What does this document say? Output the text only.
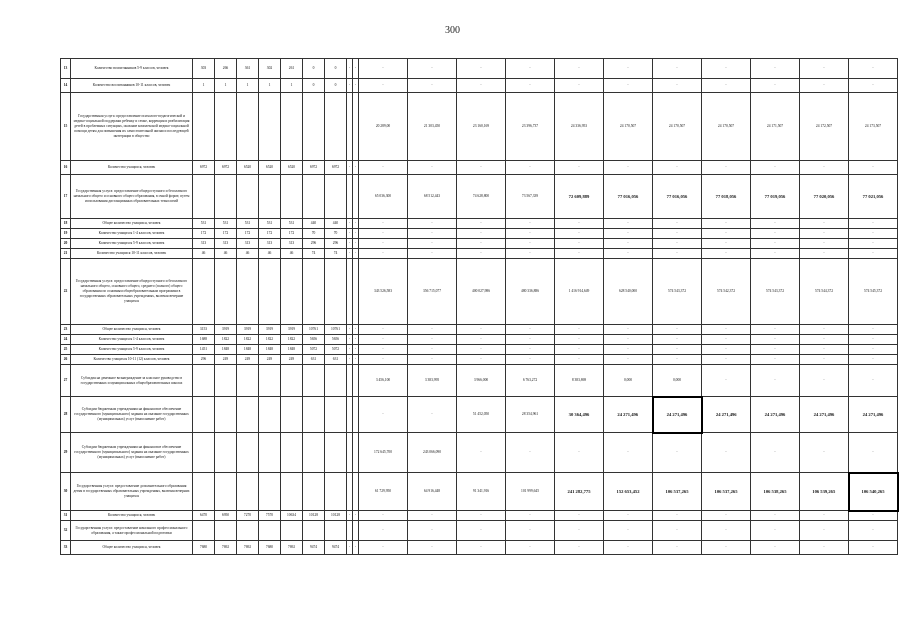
300
13	Количество воспитанников 5-9 классов, человек	303	266	361	302	261	0	0	-	-	-	-	-	-	-	-	-	-	-	-	-
14	Количество воспитанников 10-11 классов, человек	1	1	1	1	1	0	0	-	-	-	-	-	-	-	-	-	-	-	-	-
15	Государственная услуга: предоставление психолого-педагогической и медико-социальной поддержки ребенку и семье, коррекция и реабилитация детей в проблемных ситуациях, оказание комплексной медико-социальной помощи детям для повышения их самостоятельной жизни и последующей интеграции в общество										20 289,00	21 303,450	23 160,169	23 396,737	24 336,953	24 170,507	24 170,507	24 170,507	24 171,507	24 172,507	24 173,507
16	Количество учащихся, человек	6972	6972	6520	6520	6520	6972	6972	-	-	-	-	-	-	-	-	-	-	-	-	-
17	Государственная услуга: предоставление общедоступного и бесплатного начального общего и основного общего образования, в очной форме, путем использования дистанционных образовательных технологий										65 036,300	68 512,443	74 628,800	73 567,339	72 609,889	77 016,056	77 016,056	77 018,056	77 019,056	77 020,056	77 021,056
18	Общее количество учащихся, человек	531	531	531	531	531	440	440	-	-	-	-	-	-	-	-	-	-	-	-	-
19	Количество учащихся 1-4 классов, человек	172	172	172	172	172	70	70	-	-	-	-	-	-	-	-	-	-	-	-	-
20	Количество учащихся 5-9 классов, человек	313	313	313	313	313	296	296	-	-	-	-	-	-	-	-	-	-	-	-	-
21	Количество учащихся 10-11 классов, человек	46	46	46	46	46	74	74	-	-	-	-	-	-	-	-	-	-	-	-	-
22	Государственная услуга: предоставление общедоступного и бесплатного начального общего, основного общего, среднего (полного) общего образования по основным общеобразовательным программам в государственных образовательных учреждениях, включая вечерние учащихся										343 526,583	356 715,077	400 027,986	480 336,886	1 416 914,649	628 540,000	574 543,372	574 542,372	574 543,372	574 544,372	574 545,372
23	Общее количество учащихся, человек	3153	3919	3919	3919	3919	10761	10761	-	-	-	-	-	-	-	-	-	-	-	-	-
24	Количество учащихся 1-4 классов, человек	1688	1822	1822	1822	1822	5656	5656	-	-	-	-	-	-	-	-	-	-	-	-	-
25	Количество учащихся 5-9 классов, человек	1451	1848	1848	1848	1848	5072	5072	-	-	-	-	-	-	-	-	-	-	-	-	-
26	Количество учащихся 10-11 (12) классов, человек	296	249	249	249	249	631	631	-	-	-	-	-	-	-	-	-	-	-	-	-
27	Субсидия на денежное вознаграждение за классное руководство в государственных и муниципальных общеобразовательных школах										3 456,100	3 383,995	3 966,000	6 763,272	8 383,869	0,000	0,000	-	-	-	-
28	Субсидии бюджетным учреждениям на финансовое обеспечение государственного (муниципального) задания на оказание государственных (муниципальных) услуг (выполнение работ)										-	-	51 452,050	28 354,961	30 364,496	24 271,496	24 271,496	24 271,496	24 271,496	24 271,496	24 271,496
29	Субсидии бюджетным учреждениям на финансовое обеспечение государственного (муниципального) задания на оказание государственных (муниципальных) услуг (выполнение работ)										172 645,700	243 066,090	-	-	-	-	-	-	-	-	-
30	Государственная услуга: предоставление дополнительного образования детям в государственных образовательных учреждениях, включая вечерних учащихся										61 729,950	64 916,448	91 341,916	101 999,645	241 282,775	152 653,452	106 537,265	106 537,265	106 538,265	106 539,265	106 540,265
31	Количество учащихся, человек	6470	6950	7270	7570	10634	10128	10128	-	-	-	-	-	-	-	-	-	-	-	-	-
32	Государственная услуга: предоставление начального профессионального образования, а также профессиональной подготовки										-	-	-	-	-	-	-	-	-	-	-
33	Общее количество учащихся, человек	7680	7692	7692	7680	7692	9474	9474	-	-	-	-	-	-	-	-	-	-	-	-	-
